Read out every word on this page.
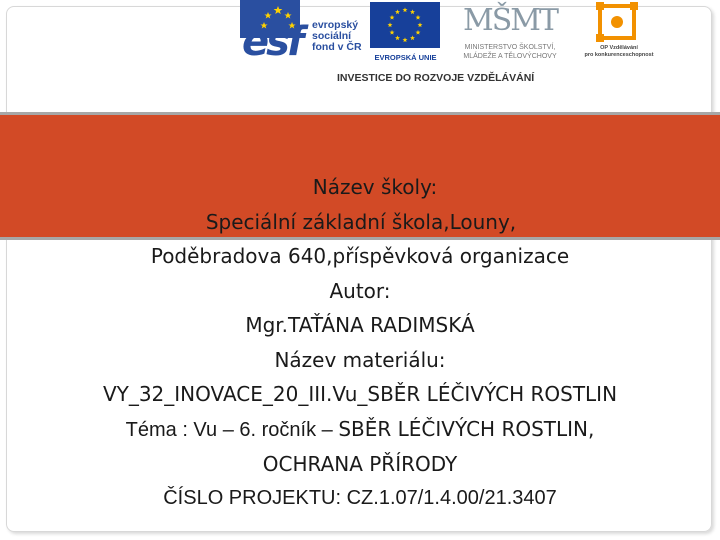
esf evropský
sociální
fond v ČR
EVROPSKÁ UNIE
MŠMT
MINISTERSTVO ŠKOLSTVÍ,
MLÁDEŽE A TĚLOVÝCHOVY
OP Vzdělávání
pro konkurenceschopnost
INVESTICE DO ROZVOJE VZDĚLÁVÁNÍ
Název školy:
Speciální základní škola,Louny,
Poděbradova 640,příspěvková organizace
Autor:
Mgr.TAŤÁNA RADIMSKÁ
Název materiálu:
VY_32_INOVACE_20_III.Vu_SBĚR LÉČIVÝCH ROSTLIN
Téma : Vu – 6. ročník – SBĚR LÉČIVÝCH ROSTLIN,
OCHRANA PŘÍRODY
ČÍSLO PROJEKTU: CZ.1.07/1.4.00/21.3407
